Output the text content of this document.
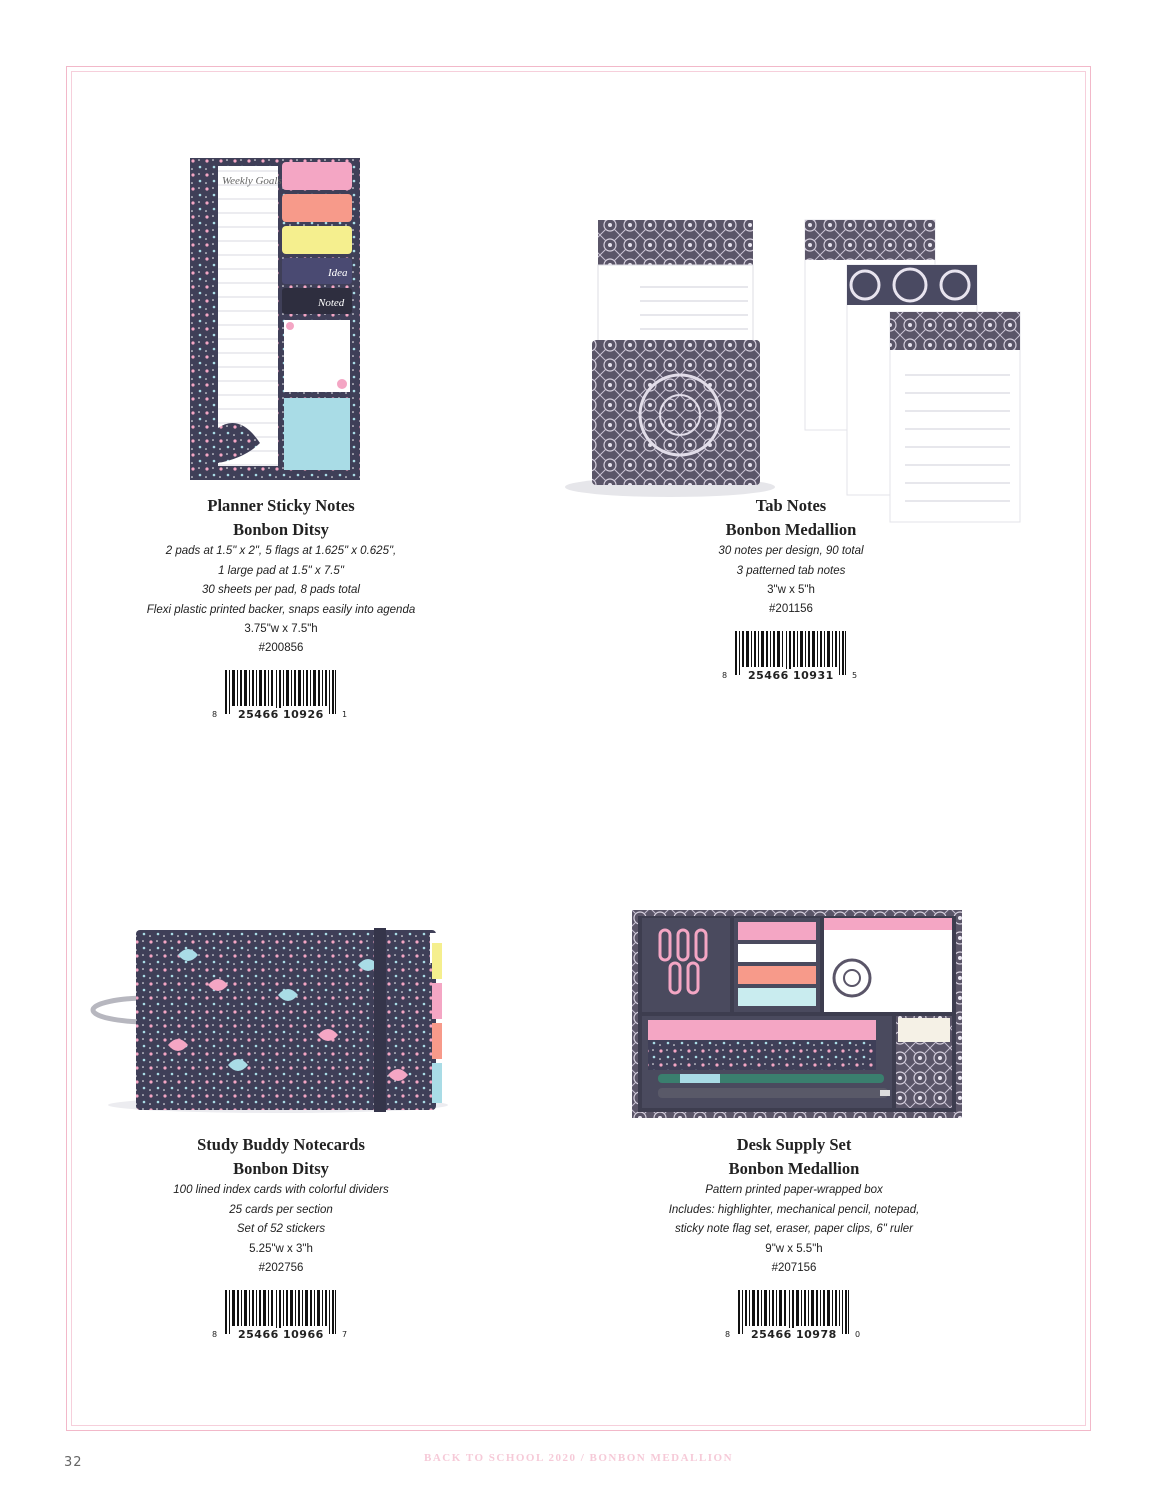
Weekly Goals
Idea
Noted
Planner Sticky Notes
Bonbon Ditsy
2 pads at 1.5" x 2", 5 flags at 1.625" x 0.625",
1 large pad at 1.5" x 7.5"
30 sheets per pad, 8 pads total
Flexi plastic printed backer, snaps easily into agenda
3.75"w x 7.5"h
#200856
8 25466 10926 1
Tab Notes
Bonbon Medallion
30 notes per design, 90 total
3 patterned tab notes
3"w x 5"h
#201156
8 25466 10931 5
Study Buddy Notecards
Bonbon Ditsy
100 lined index cards with colorful dividers
25 cards per section
Set of 52 stickers
5.25"w x 3"h
#202756
8 25466 10966 7
Desk Supply Set
Bonbon Medallion
Pattern printed paper-wrapped box
Includes: highlighter, mechanical pencil, notepad,
sticky note flag set, eraser, paper clips, 6" ruler
9"w x 5.5"h
#207156
8 25466 10978 0
32	BACK TO SCHOOL 2020 / BONBON MEDALLION
